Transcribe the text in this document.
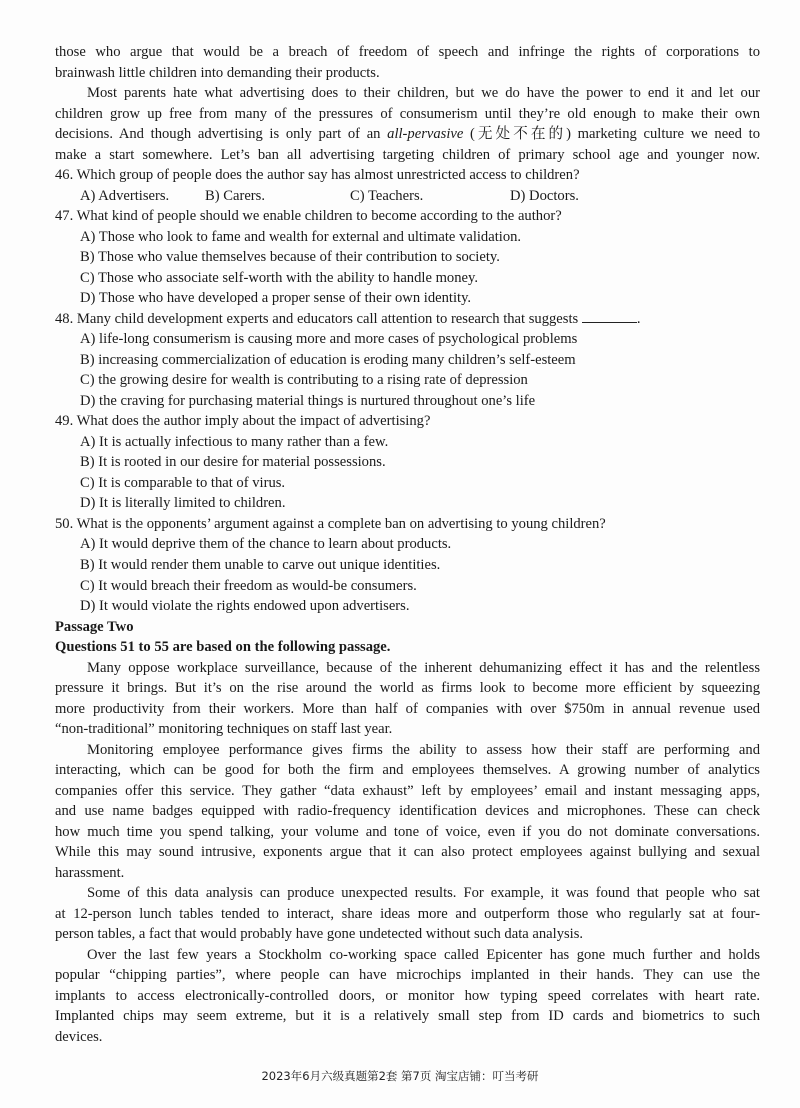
those who argue that would be a breach of freedom of speech and infringe the rights of corporations to
brainwash little children into demanding their products.
Most parents hate what advertising does to their children, but we do have the power to end it and let our
children grow up free from many of the pressures of consumerism until they’re old enough to make their own
decisions. And though advertising is only part of an all-pervasive (无处不在的) marketing culture we need to
make a start somewhere. Let’s ban all advertising targeting children of primary school age and younger now.
46. Which group of people does the author say has almost unrestricted access to children?
A) Advertisers. B) Carers.	C) Teachers.	D) Doctors.
47. What kind of people should we enable children to become according to the author?
A) Those who look to fame and wealth for external and ultimate validation.
B) Those who value themselves because of their contribution to society.
C) Those who associate self-worth with the ability to handle money.
D) Those who have developed a proper sense of their own identity.
48. Many child development experts and educators call attention to research that suggests	.
A) life-long consumerism is causing more and more cases of psychological problems
B) increasing commercialization of education is eroding many children’s self-esteem
C) the growing desire for wealth is contributing to a rising rate of depression
D) the craving for purchasing material things is nurtured throughout one’s life
49. What does the author imply about the impact of advertising?
A) It is actually infectious to many rather than a few.
B) It is rooted in our desire for material possessions.
C) It is comparable to that of virus.
D) It is literally limited to children.
50. What is the opponents’ argument against a complete ban on advertising to young children?
A) It would deprive them of the chance to learn about products.
B) It would render them unable to carve out unique identities.
C) It would breach their freedom as would-be consumers.
D) It would violate the rights endowed upon advertisers.
Passage Two
Questions 51 to 55 are based on the following passage.
Many oppose workplace surveillance, because of the inherent dehumanizing effect it has and the relentless
pressure it brings. But it’s on the rise around the world as firms look to become more efficient by squeezing
more productivity from their workers. More than half of companies with over $750m in annual revenue used
“non-traditional” monitoring techniques on staff last year.
Monitoring employee performance gives firms the ability to assess how their staff are performing and
interacting, which can be good for both the firm and employees themselves. A growing number of analytics
companies offer this service. They gather “data exhaust” left by employees’ email and instant messaging apps,
and use name badges equipped with radio-frequency identification devices and microphones. These can check
how much time you spend talking, your volume and tone of voice, even if you do not dominate conversations.
While this may sound intrusive, exponents argue that it can also protect employees against bullying and sexual
harassment.
Some of this data analysis can produce unexpected results. For example, it was found that people who sat
at 12-person lunch tables tended to interact, share ideas more and outperform those who regularly sat at four-
person tables, a fact that would probably have gone undetected without such data analysis.
Over the last few years a Stockholm co-working space called Epicenter has gone much further and holds
popular “chipping parties”, where people can have microchips implanted in their hands. They can use the
implants to access electronically-controlled doors, or monitor how typing speed correlates with heart rate.
Implanted chips may seem extreme, but it is a relatively small step from ID cards and biometrics to such
devices.
2023年6月六级真题第2套 第7页 淘宝店铺：叮当考研
